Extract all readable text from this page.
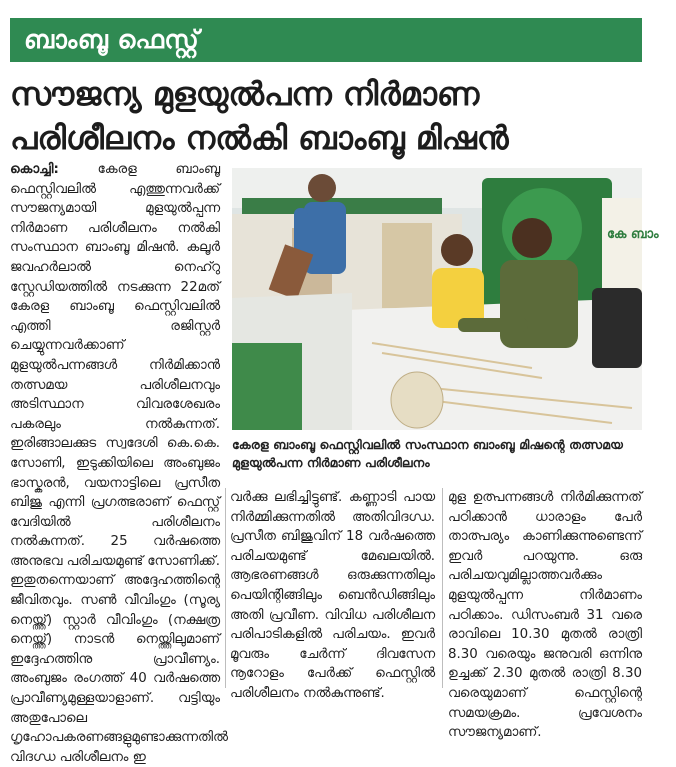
ബാംബൂ ഫെസ്റ്റ്
സൗജന്യ മുളയുൽപന്ന നിർമാണ
പരിശീലനം നൽകി ബാംബൂ മിഷൻ
കൊച്ചി: കേരള ബാംബൂ ഫെസ്റ്റിവലിൽ എത്തുന്നവർക്ക് സൗജന്യമായി മുളയുൽപ്പന്ന നിർമാണ പരിശീലനം നൽകി സംസ്ഥാന ബാംബൂ മിഷൻ. കലൂർ ജവഹർലാൽ നെഹ്റു സ്റ്റേഡിയത്തിൽ നടക്കുന്ന 22മത് കേരള ബാംബൂ ഫെസ്റ്റിവലിൽ എത്തി രജിസ്റ്റർ ചെയ്യുന്നവർക്കാണ് മുളയുൽപന്നങ്ങൾ നിർമിക്കാൻ തത്സമയ പരിശീലനവും അടിസ്ഥാന വിവരശേഖരം പകരലും നൽകുന്നത്. ഇരിങ്ങാലക്കുട സ്വദേശി കെ.കെ. സോണി, ഇടുക്കിയിലെ അംബുജം ഭാസ്കരൻ, വയനാട്ടിലെ പ്രസീത ബിജു എന്നി പ്രഗത്ഭരാണ് ഫെസ്റ്റ് വേദിയിൽ പരിശീലനം നൽകുന്നത്. 25 വർഷത്തെ അനുഭവ പരിചയമുണ്ട് സോണിക്ക്. ഇതുതന്നെയാണ് അദ്ദേഹത്തിന്റെ ജീവിതവും. സൺ വീവിംഗും (സൂര്യ നെയ്ത്ത്) സ്റ്റാർ വീവിംഗും (നക്ഷത്ര നെയ്ത്ത്) നാടൻ നെയ്ത്തിലുമാണ് ഇദ്ദേഹത്തിനു പ്രാവീണ്യം. അംബുജം രംഗത്ത് 40 വർഷത്തെ പ്രാവീണ്യമുള്ളയാളാണ്. വട്ടിയും അതുപോലെ ഗൃഹോപകരണങ്ങളുമുണ്ടാക്കുന്നതിൽ വിദഗ്ധ പരിശീലനം ഇ
കേ ബാം
കേരള ബാംബൂ ഫെസ്റ്റിവലിൽ സംസ്ഥാന ബാംബൂ മിഷന്റെ തത്സമയ മുളയുൽപന്ന നിർമാണ പരിശീലനം
വർക്കു ലഭിച്ചിട്ടുണ്ട്. കണ്ണാടി പായ നിർമ്മിക്കുന്നതിൽ അതിവിദഗ്ധ. പ്രസീത ബിജുവിന് 18 വർഷത്തെ പരിചയമുണ്ട് മേഖലയിൽ. ആഭരണങ്ങൾ ഒരുക്കുന്നതിലും പെയിന്റിങ്ങിലും ബെൻഡിങ്ങിലും അതി പ്രവീണ. വിവിധ പരിശീലന പരിപാടികളിൽ പരിചയം. ഇവർ മൂവരും ചേർന്ന് ദിവസേന നൂറോളം പേർക്ക് ഫെസ്റ്റിൽ പരിശീലനം നൽകുന്നുണ്ട്.
മുള ഉത്പന്നങ്ങൾ നിർമിക്കുന്നത് പഠിക്കാൻ ധാരാളം പേർ താത്പര്യം കാണിക്കുന്നുണ്ടെന്ന് ഇവർ പറയുന്നു. ഒരു പരിചയവുമില്ലാത്തവർക്കും മുളയുൽപ്പന്ന നിർമാണം പഠിക്കാം. ഡിസംബർ 31 വരെ രാവിലെ 10.30 മുതൽ രാത്രി 8.30 വരെയും ജനുവരി ഒന്നിനു ഉച്ചക്ക് 2.30 മുതൽ രാത്രി 8.30 വരെയുമാണ് ഫെസ്റ്റിന്റെ സമയക്രമം. പ്രവേശനം സൗജന്യമാണ്.
